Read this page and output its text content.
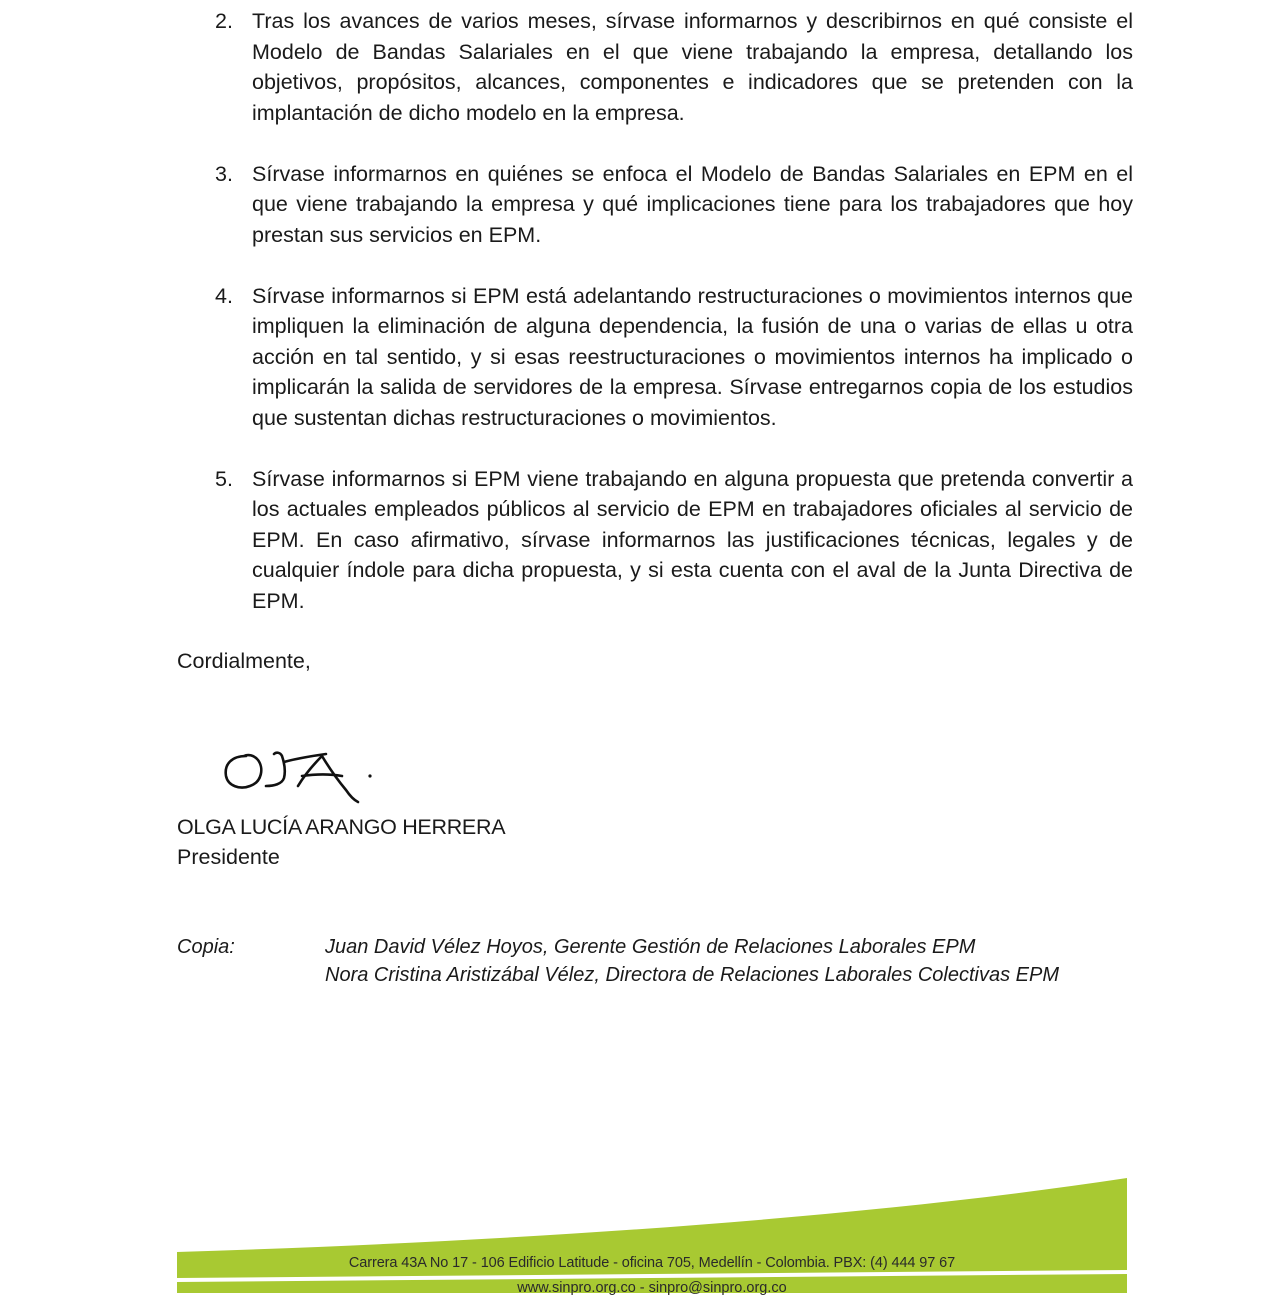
2. Tras los avances de varios meses, sírvase informarnos y describirnos en qué consiste el Modelo de Bandas Salariales en el que viene trabajando la empresa, detallando los objetivos, propósitos, alcances, componentes e indicadores que se pretenden con la implantación de dicho modelo en la empresa.
3. Sírvase informarnos en quiénes se enfoca el Modelo de Bandas Salariales en EPM en el que viene trabajando la empresa y qué implicaciones tiene para los trabajadores que hoy prestan sus servicios en EPM.
4. Sírvase informarnos si EPM está adelantando restructuraciones o movimientos internos que impliquen la eliminación de alguna dependencia, la fusión de una o varias de ellas u otra acción en tal sentido, y si esas reestructuraciones o movimientos internos ha implicado o implicarán la salida de servidores de la empresa. Sírvase entregarnos copia de los estudios que sustentan dichas restructuraciones o movimientos.
5. Sírvase informarnos si EPM viene trabajando en alguna propuesta que pretenda convertir a los actuales empleados públicos al servicio de EPM en trabajadores oficiales al servicio de EPM. En caso afirmativo, sírvase informarnos las justificaciones técnicas, legales y de cualquier índole para dicha propuesta, y si esta cuenta con el aval de la Junta Directiva de EPM.
Cordialmente,
OLGA LUCÍA ARANGO HERRERA
Presidente
Copia:	Juan David Vélez Hoyos, Gerente Gestión de Relaciones Laborales EPM
Nora Cristina Aristizábal Vélez, Directora de Relaciones Laborales Colectivas EPM
Carrera 43A No 17 - 106 Edificio Latitude - oficina 705, Medellín - Colombia. PBX: (4) 444 97 67
www.sinpro.org.co - sinpro@sinpro.org.co
